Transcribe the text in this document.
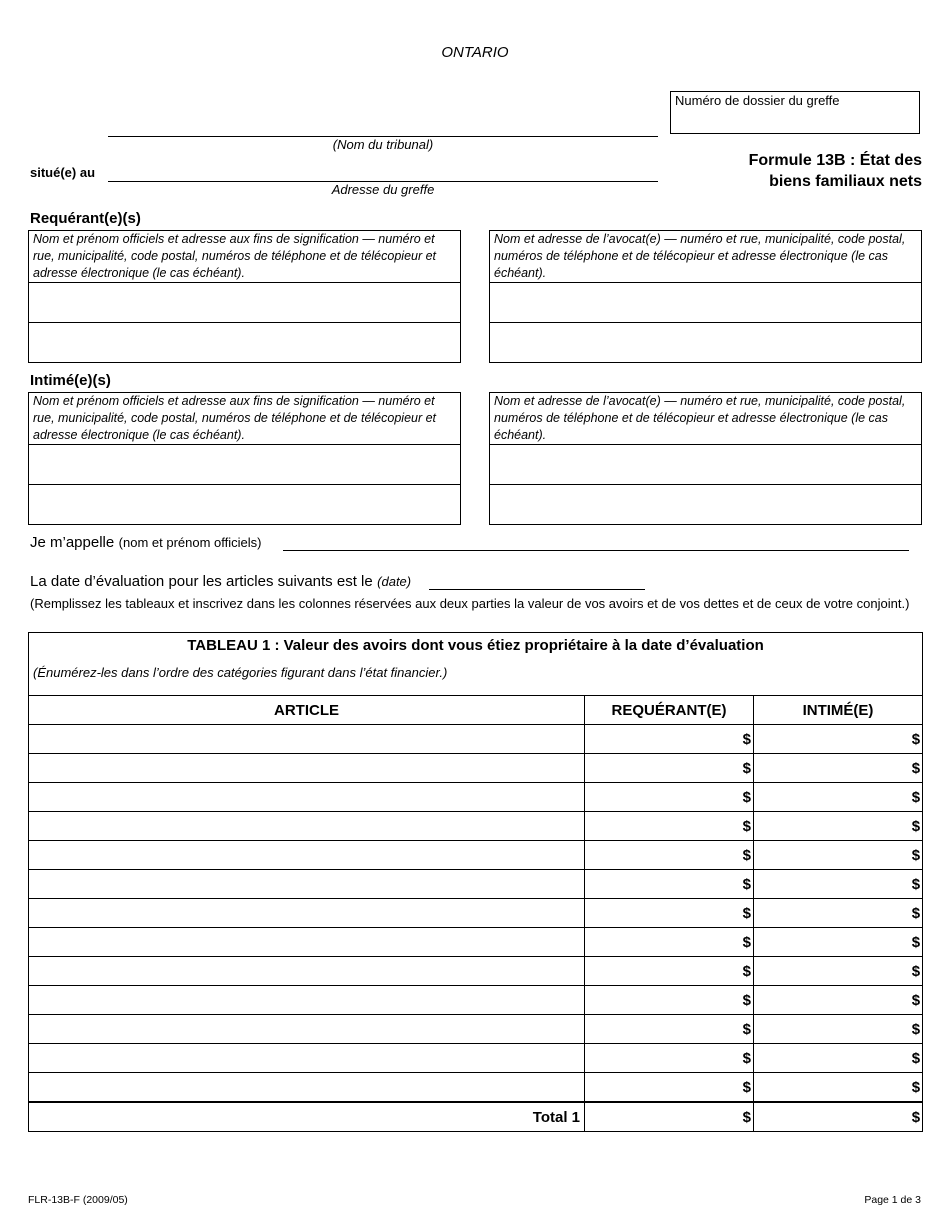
ONTARIO
Numéro de dossier du greffe
(Nom du tribunal)
situé(e) au
Adresse du greffe
Formule 13B : État des
biens familiaux nets
Requérant(e)(s)
Nom et prénom officiels et adresse aux fins de signification — numéro et rue, municipalité, code postal, numéros de téléphone et de télécopieur et adresse électronique (le cas échéant).
Nom et adresse de l’avocat(e) — numéro et rue, municipalité, code postal, numéros de téléphone et de télécopieur et adresse électronique (le cas échéant).
Intimé(e)(s)
Nom et prénom officiels et adresse aux fins de signification — numéro et rue, municipalité, code postal, numéros de téléphone et de télécopieur et adresse électronique (le cas échéant).
Nom et adresse de l’avocat(e) — numéro et rue, municipalité, code postal, numéros de téléphone et de télécopieur et adresse électronique (le cas échéant).
Je m’appelle (nom et prénom officiels)
La date d’évaluation pour les articles suivants est le (date)
(Remplissez les tableaux et inscrivez dans les colonnes réservées aux deux parties la valeur de vos avoirs et de vos dettes et de ceux de votre conjoint.)
TABLEAU 1 : Valeur des avoirs dont vous étiez propriétaire à la date d’évaluation
(Énumérez-les dans l’ordre des catégories figurant dans l’état financier.)		

ARTICLE	REQUÉRANT(E)	INTIMÉ(E)
	$	$
	$	$
	$	$
	$	$
	$	$
	$	$
	$	$
	$	$
	$	$
	$	$
	$	$
	$	$
	$	$
Total 1	$	$
FLR-13B-F (2009/05)	Page 1 de 3
